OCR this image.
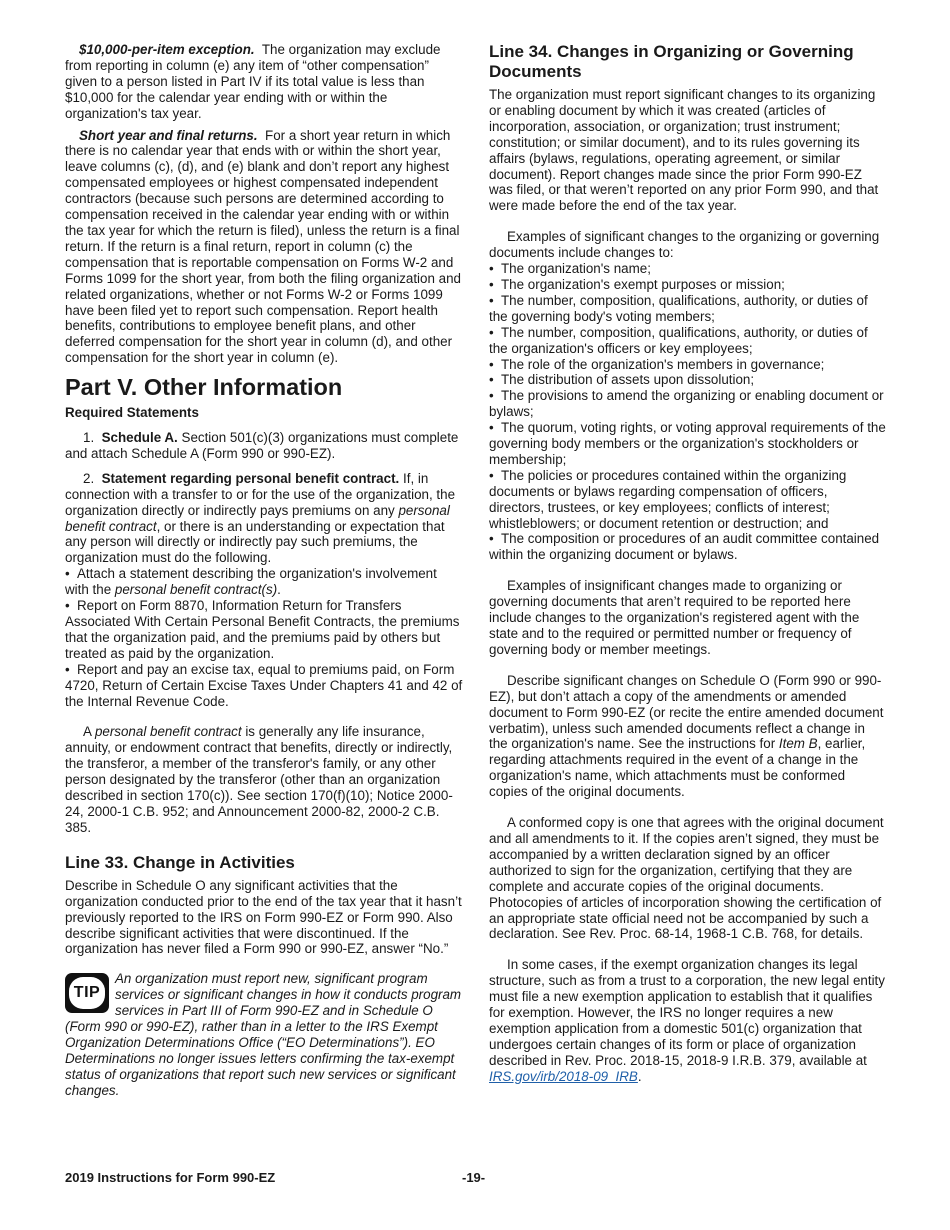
$10,000-per-item exception. The organization may exclude from reporting in column (e) any item of “other compensation” given to a person listed in Part IV if its total value is less than $10,000 for the calendar year ending with or within the organization's tax year.

Short year and final returns. For a short year return in which there is no calendar year that ends with or within the short year, leave columns (c), (d), and (e) blank and don’t report any highest compensated employees or highest compensated independent contractors (because such persons are determined according to compensation received in the calendar year ending with or within the tax year for which the return is filed), unless the return is a final return. If the return is a final return, report in column (c) the compensation that is reportable compensation on Forms W-2 and Forms 1099 for the short year, from both the filing organization and related organizations, whether or not Forms W-2 or Forms 1099 have been filed yet to report such compensation. Report health benefits, contributions to employee benefit plans, and other deferred compensation for the short year in column (d), and other compensation for the short year in column (e).

Part V. Other Information
Required Statements

1. Schedule A. Section 501(c)(3) organizations must complete and attach Schedule A (Form 990 or 990-EZ).

2. Statement regarding personal benefit contract. If, in connection with a transfer to or for the use of the organization, the organization directly or indirectly pays premiums on any personal benefit contract, or there is an understanding or expectation that any person will directly or indirectly pay such premiums, the organization must do the following.

• Attach a statement describing the organization's involvement with the personal benefit contract(s).

• Report on Form 8870, Information Return for Transfers Associated With Certain Personal Benefit Contracts, the premiums that the organization paid, and the premiums paid by others but treated as paid by the organization.

• Report and pay an excise tax, equal to premiums paid, on Form 4720, Return of Certain Excise Taxes Under Chapters 41 and 42 of the Internal Revenue Code.

A personal benefit contract is generally any life insurance, annuity, or endowment contract that benefits, directly or indirectly, the transferor, a member of the transferor's family, or any other person designated by the transferor (other than an organization described in section 170(c)). See section 170(f)(10); Notice 2000-24, 2000-1 C.B. 952; and Announcement 2000-82, 2000-2 C.B. 385.

Line 33. Change in Activities

Describe in Schedule O any significant activities that the organization conducted prior to the end of the tax year that it hasn’t previously reported to the IRS on Form 990-EZ or Form 990. Also describe significant activities that were discontinued. If the organization has never filed a Form 990 or 990-EZ, answer “No.”

TIP
An organization must report new, significant program services or significant changes in how it conducts program services in Part III of Form 990-EZ and in Schedule O (Form 990 or 990-EZ), rather than in a letter to the IRS Exempt Organization Determinations Office (“EO Determinations”). EO Determinations no longer issues letters confirming the tax-exempt status of organizations that report such new services or significant changes.
Line 34. Changes in Organizing or Governing Documents

The organization must report significant changes to its organizing or enabling document by which it was created (articles of incorporation, association, or organization; trust instrument; constitution; or similar document), and to its rules governing its affairs (bylaws, regulations, operating agreement, or similar document). Report changes made since the prior Form 990-EZ was filed, or that weren’t reported on any prior Form 990, and that were made before the end of the tax year.

Examples of significant changes to the organizing or governing documents include changes to:

• The organization's name;

• The organization's exempt purposes or mission;

• The number, composition, qualifications, authority, or duties of the governing body's voting members;

• The number, composition, qualifications, authority, or duties of the organization's officers or key employees;

• The role of the organization's members in governance;

• The distribution of assets upon dissolution;

• The provisions to amend the organizing or enabling document or bylaws;

• The quorum, voting rights, or voting approval requirements of the governing body members or the organization's stockholders or membership;

• The policies or procedures contained within the organizing documents or bylaws regarding compensation of officers, directors, trustees, or key employees; conflicts of interest; whistleblowers; or document retention or destruction; and

• The composition or procedures of an audit committee contained within the organizing document or bylaws.

Examples of insignificant changes made to organizing or governing documents that aren’t required to be reported here include changes to the organization's registered agent with the state and to the required or permitted number or frequency of governing body or member meetings.

Describe significant changes on Schedule O (Form 990 or 990-EZ), but don’t attach a copy of the amendments or amended document to Form 990-EZ (or recite the entire amended document verbatim), unless such amended documents reflect a change in the organization's name. See the instructions for Item B, earlier, regarding attachments required in the event of a change in the organization's name, which attachments must be conformed copies of the original documents.

A conformed copy is one that agrees with the original document and all amendments to it. If the copies aren’t signed, they must be accompanied by a written declaration signed by an officer authorized to sign for the organization, certifying that they are complete and accurate copies of the original documents. Photocopies of articles of incorporation showing the certification of an appropriate state official need not be accompanied by such a declaration. See Rev. Proc. 68-14, 1968-1 C.B. 768, for details.

In some cases, if the exempt organization changes its legal structure, such as from a trust to a corporation, the new legal entity must file a new exemption application to establish that it qualifies for exemption. However, the IRS no longer requires a new exemption application from a domestic 501(c) organization that undergoes certain changes of its form or place of organization described in Rev. Proc. 2018-15, 2018-9 I.R.B. 379, available at IRS.gov/irb/2018-09_IRB.

2019 Instructions for Form 990-EZ	-19-
